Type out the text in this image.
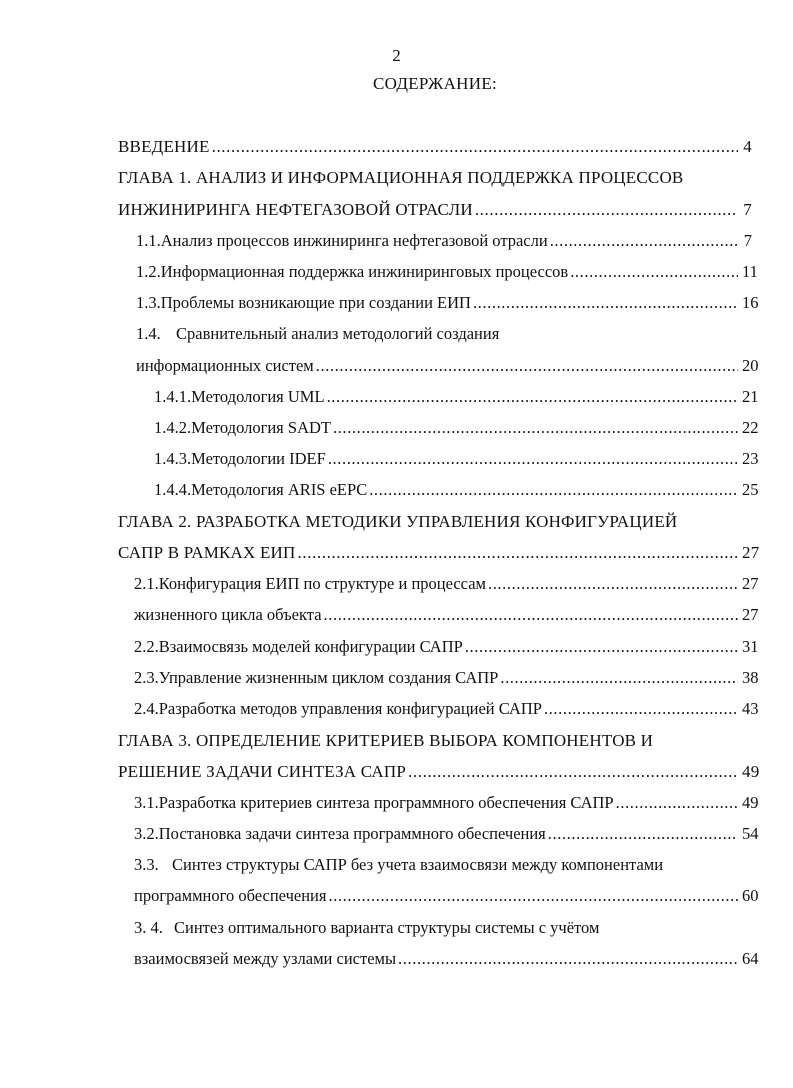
2
СОДЕРЖАНИЕ:
ВВЕДЕНИЕ .....	4
ГЛАВА 1. АНАЛИЗ И ИНФОРМАЦИОННАЯ ПОДДЕРЖКА ПРОЦЕССОВ
ИНЖИНИРИНГА НЕФТЕГАЗОВОЙ ОТРАСЛИ .....	7
1.1. Анализ процессов инжиниринга нефтегазовой отрасли .....	7
1.2. Информационная поддержка инжиниринговых процессов .....	11
1.3. Проблемы возникающие при создании ЕИП .....	16
1.4. Сравнительный анализ методологий создания
информационных систем .....	20
1.4.1. Методология UML .....	21
1.4.2. Методология SADT .....	22
1.4.3. Методологии IDEF .....	23
1.4.4. Методология ARIS eEPC .....	25
ГЛАВА 2. РАЗРАБОТКА МЕТОДИКИ УПРАВЛЕНИЯ КОНФИГУРАЦИЕЙ
САПР В РАМКАХ ЕИП .....	27
2.1. Конфигурация ЕИП по структуре и процессам .....	27
жизненного цикла объекта .....	27
2.2. Взаимосвязь моделей конфигурации САПР .....	31
2.3. Управление жизненным циклом создания САПР .....	38
2.4. Разработка методов управления конфигурацией САПР .....	43
ГЛАВА 3. ОПРЕДЕЛЕНИЕ КРИТЕРИЕВ ВЫБОРА КОМПОНЕНТОВ И
РЕШЕНИЕ ЗАДАЧИ СИНТЕЗА САПР .....	49
3.1. Разработка критериев синтеза программного обеспечения САПР .....	49
3.2. Постановка задачи синтеза программного обеспечения .....	54
3.3. Синтез структуры САПР без учета взаимосвязи между компонентами
программного обеспечения .....	60
3. 4. Синтез оптимального варианта структуры системы с учётом
взаимосвязей между узлами системы .....	64
